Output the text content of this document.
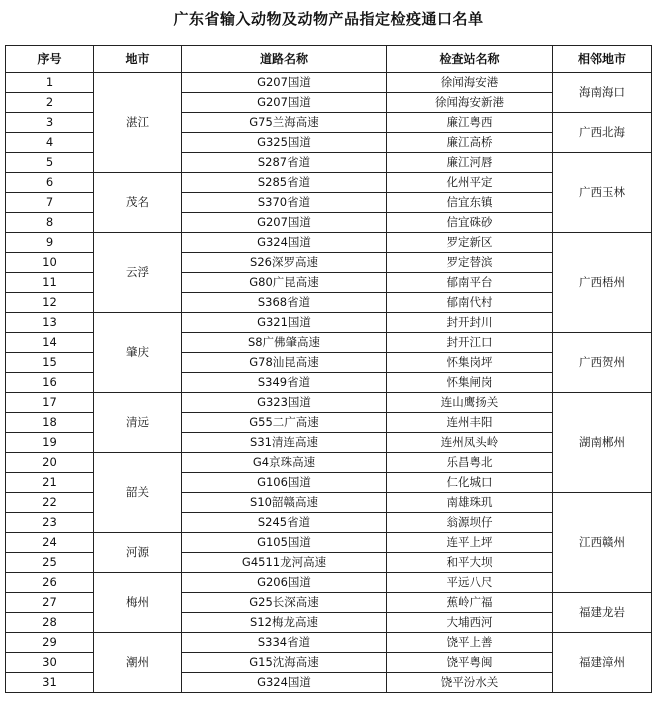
广东省输入动物及动物产品指定检疫通口名单
序号	地市	道路名称	检查站名称	相邻地市
1	湛江	G207国道	徐闻海安港	海南海口
2		G207国道	徐闻海安新港	
3		G75兰海高速	廉江粤西	广西北海
4		G325国道	廉江高桥	
5		S287省道	廉江河唇	广西玉林
6	茂名	S285省道	化州平定	
7		S370省道	信宜东镇	
8		G207国道	信宜硃砂	
9	云浮	G324国道	罗定新区	广西梧州
10		S26深罗高速	罗定替滨	
11		G80广昆高速	郁南平台	
12		S368省道	郁南代村	
13	肇庆	G321国道	封开封川	
14		S8广佛肇高速	封开江口	广西贺州
15		G78汕昆高速	怀集岗坪	
16		S349省道	怀集闸岗	
17	清远	G323国道	连山鹰扬关	湖南郴州
18		G55二广高速	连州丰阳	
19		S31清连高速	连州凤头岭	
20	韶关	G4京珠高速	乐昌粤北	
21		G106国道	仁化城口	
22		S10韶赣高速	南雄珠玑	江西赣州
23		S245省道	翁源坝仔	
24	河源	G105国道	连平上坪	
25		G4511龙河高速	和平大坝	
26	梅州	G206国道	平远八尺	
27		G25长深高速	蕉岭广福	福建龙岩
28		S12梅龙高速	大埔西河	
29	潮州	S334省道	饶平上善	福建漳州
30		G15沈海高速	饶平粤闽	
31		G324国道	饶平汾水关	
